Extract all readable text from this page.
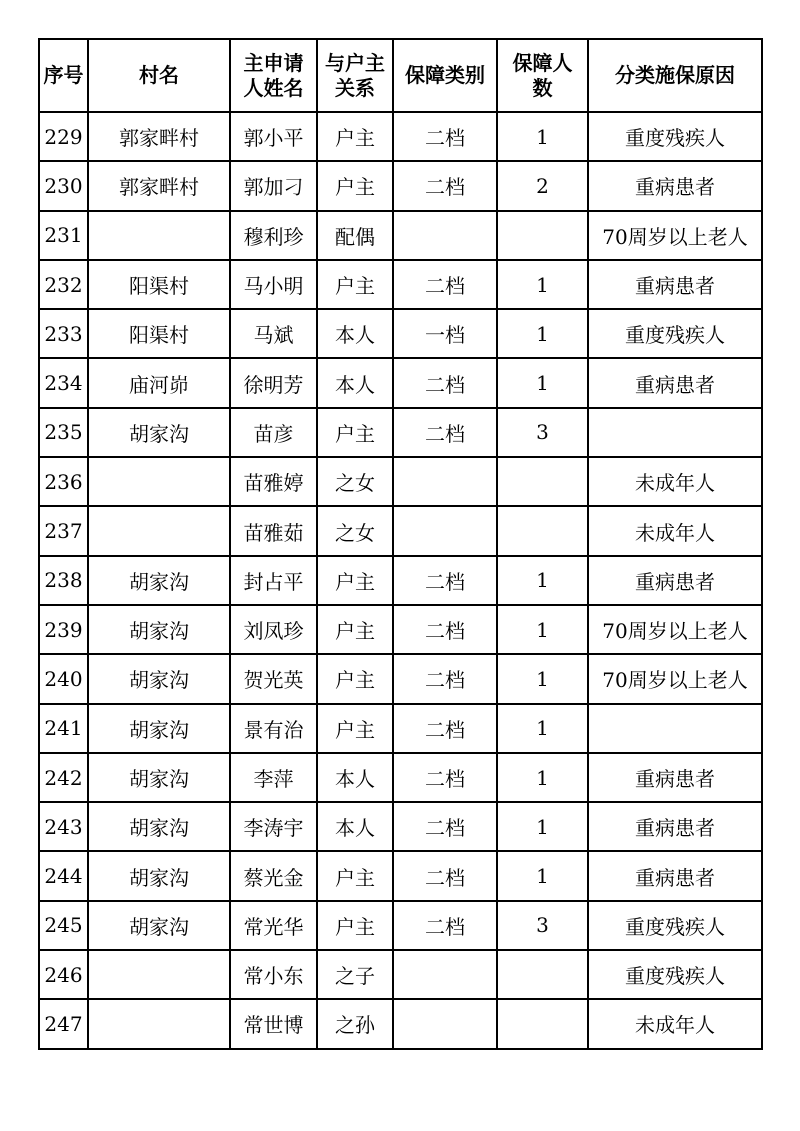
序号	村名	主申请人姓名	与户主关系	保障类别	保障人数	分类施保原因
229	郭家畔村	郭小平	户主	二档	1	重度残疾人
230	郭家畔村	郭加刁	户主	二档	2	重病患者
231		穆利珍	配偶			70周岁以上老人
232	阳渠村	马小明	户主	二档	1	重病患者
233	阳渠村	马斌	本人	一档	1	重度残疾人
234	庙河峁	徐明芳	本人	二档	1	重病患者
235	胡家沟	苗彦	户主	二档	3	
236		苗雅婷	之女			未成年人
237		苗雅茹	之女			未成年人
238	胡家沟	封占平	户主	二档	1	重病患者
239	胡家沟	刘凤珍	户主	二档	1	70周岁以上老人
240	胡家沟	贺光英	户主	二档	1	70周岁以上老人
241	胡家沟	景有治	户主	二档	1	
242	胡家沟	李萍	本人	二档	1	重病患者
243	胡家沟	李涛宇	本人	二档	1	重病患者
244	胡家沟	蔡光金	户主	二档	1	重病患者
245	胡家沟	常光华	户主	二档	3	重度残疾人
246		常小东	之子			重度残疾人
247		常世博	之孙			未成年人
